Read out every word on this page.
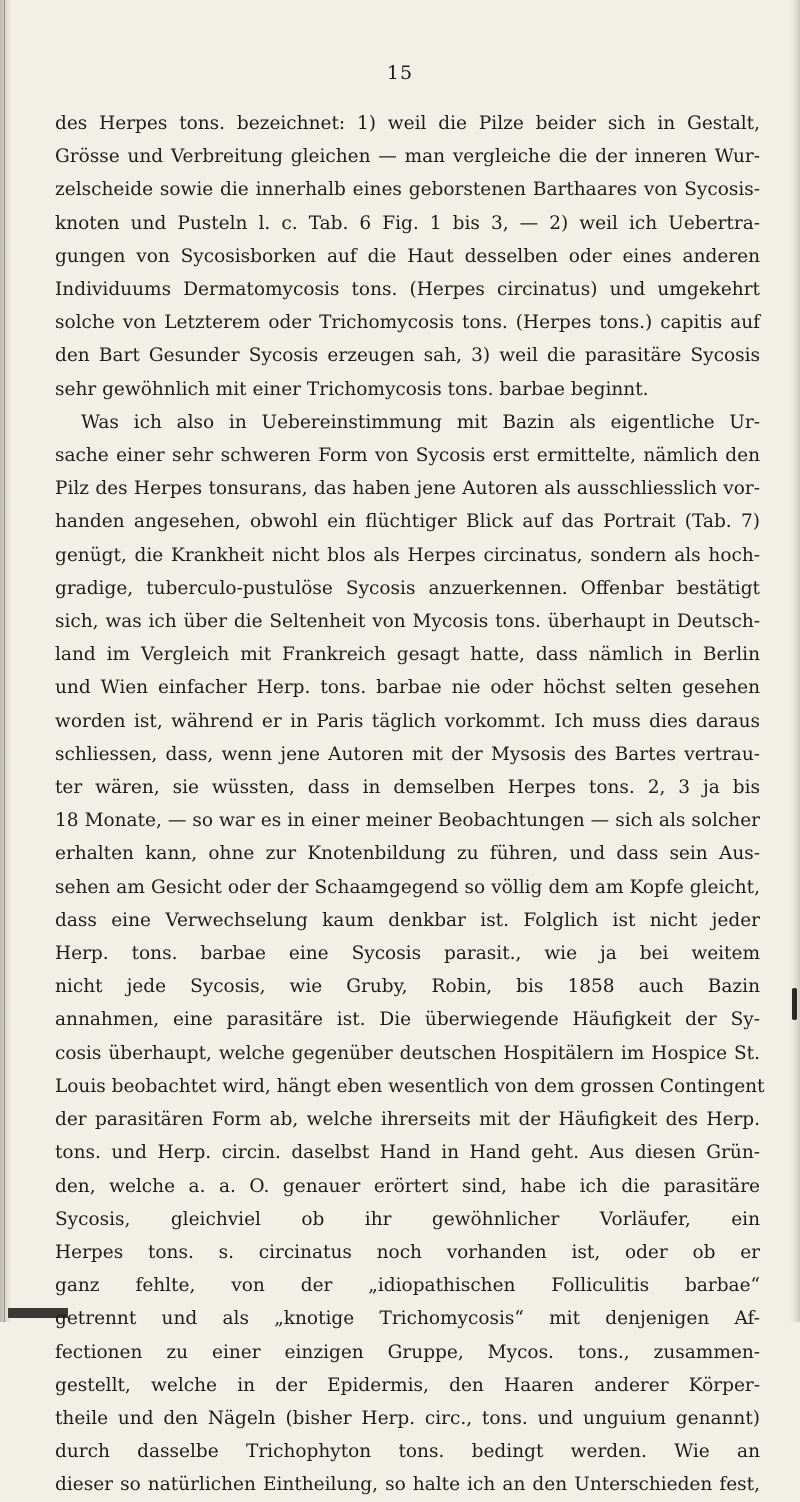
15
des Herpes tons. bezeichnet: 1) weil die Pilze beider sich in Gestalt,
Grösse und Verbreitung gleichen — man vergleiche die der inneren Wur-
zelscheide sowie die innerhalb eines geborstenen Barthaares von Sycosis-
knoten und Pusteln l. c. Tab. 6 Fig. 1 bis 3, — 2) weil ich Uebertra-
gungen von Sycosisborken auf die Haut desselben oder eines anderen
Individuums Dermatomycosis tons. (Herpes circinatus) und umgekehrt
solche von Letzterem oder Trichomycosis tons. (Herpes tons.) capitis auf
den Bart Gesunder Sycosis erzeugen sah, 3) weil die parasitäre Sycosis
sehr gewöhnlich mit einer Trichomycosis tons. barbae beginnt.
Was ich also in Uebereinstimmung mit Bazin als eigentliche Ur-
sache einer sehr schweren Form von Sycosis erst ermittelte, nämlich den
Pilz des Herpes tonsurans, das haben jene Autoren als ausschliesslich vor-
handen angesehen, obwohl ein flüchtiger Blick auf das Portrait (Tab. 7)
genügt, die Krankheit nicht blos als Herpes circinatus, sondern als hoch-
gradige, tuberculo-pustulöse Sycosis anzuerkennen. Offenbar bestätigt
sich, was ich über die Seltenheit von Mycosis tons. überhaupt in Deutsch-
land im Vergleich mit Frankreich gesagt hatte, dass nämlich in Berlin
und Wien einfacher Herp. tons. barbae nie oder höchst selten gesehen
worden ist, während er in Paris täglich vorkommt. Ich muss dies daraus
schliessen, dass, wenn jene Autoren mit der Mysosis des Bartes vertrau-
ter wären, sie wüssten, dass in demselben Herpes tons. 2, 3 ja bis
18 Monate, — so war es in einer meiner Beobachtungen — sich als solcher
erhalten kann, ohne zur Knotenbildung zu führen, und dass sein Aus-
sehen am Gesicht oder der Schaamgegend so völlig dem am Kopfe gleicht,
dass eine Verwechselung kaum denkbar ist. Folglich ist nicht jeder
Herp. tons. barbae eine Sycosis parasit., wie ja bei weitem
nicht jede Sycosis, wie Gruby, Robin, bis 1858 auch Bazin
annahmen, eine parasitäre ist. Die überwiegende Häufigkeit der Sy-
cosis überhaupt, welche gegenüber deutschen Hospitälern im Hospice St.
Louis beobachtet wird, hängt eben wesentlich von dem grossen Contingent
der parasitären Form ab, welche ihrerseits mit der Häufigkeit des Herp.
tons. und Herp. circin. daselbst Hand in Hand geht. Aus diesen Grün-
den, welche a. a. O. genauer erörtert sind, habe ich die parasitäre
Sycosis, gleichviel ob ihr gewöhnlicher Vorläufer, ein
Herpes tons. s. circinatus noch vorhanden ist, oder ob er
ganz fehlte, von der „idiopathischen Folliculitis barbae“
getrennt und als „knotige Trichomycosis“ mit denjenigen Af-
fectionen zu einer einzigen Gruppe, Mycos. tons., zusammen-
gestellt, welche in der Epidermis, den Haaren anderer Körper-
theile und den Nägeln (bisher Herp. circ., tons. und unguium genannt)
durch dasselbe Trichophyton tons. bedingt werden. Wie an
dieser so natürlichen Eintheilung, so halte ich an den Unterschieden fest,
